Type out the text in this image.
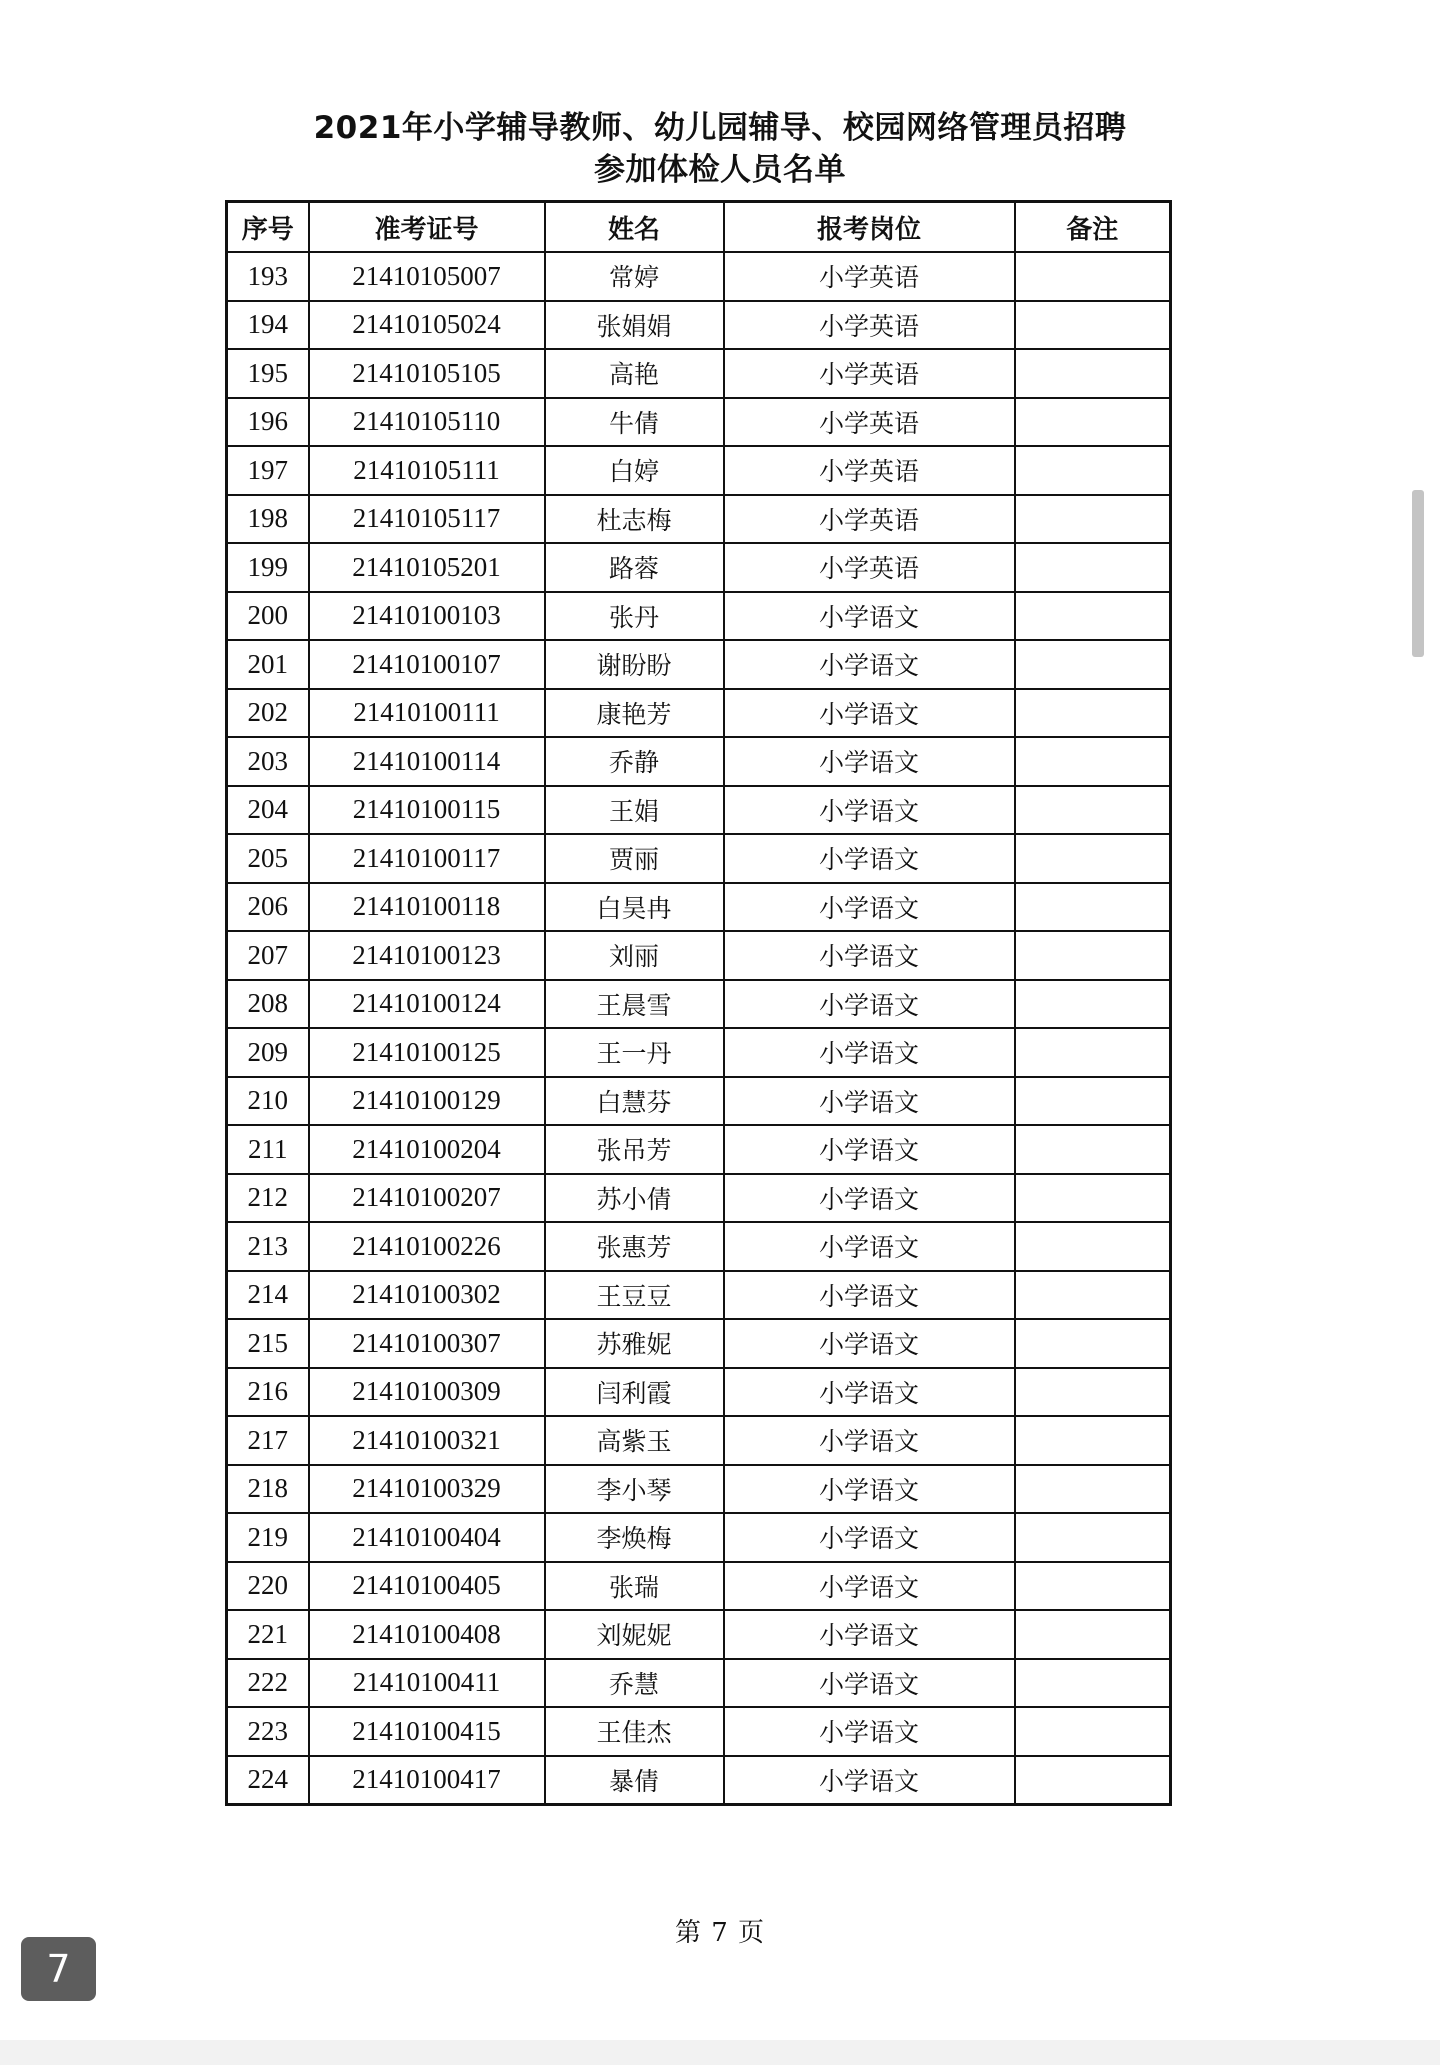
2021年小学辅导教师、幼儿园辅导、校园网络管理员招聘
参加体检人员名单
序号	准考证号	姓名	报考岗位	备注
193	21410105007	常婷	小学英语	
194	21410105024	张娟娟	小学英语	
195	21410105105	高艳	小学英语	
196	21410105110	牛倩	小学英语	
197	21410105111	白婷	小学英语	
198	21410105117	杜志梅	小学英语	
199	21410105201	路蓉	小学英语	
200	21410100103	张丹	小学语文	
201	21410100107	谢盼盼	小学语文	
202	21410100111	康艳芳	小学语文	
203	21410100114	乔静	小学语文	
204	21410100115	王娟	小学语文	
205	21410100117	贾丽	小学语文	
206	21410100118	白昊冉	小学语文	
207	21410100123	刘丽	小学语文	
208	21410100124	王晨雪	小学语文	
209	21410100125	王一丹	小学语文	
210	21410100129	白慧芬	小学语文	
211	21410100204	张吊芳	小学语文	
212	21410100207	苏小倩	小学语文	
213	21410100226	张惠芳	小学语文	
214	21410100302	王豆豆	小学语文	
215	21410100307	苏雅妮	小学语文	
216	21410100309	闫利霞	小学语文	
217	21410100321	高紫玉	小学语文	
218	21410100329	李小琴	小学语文	
219	21410100404	李焕梅	小学语文	
220	21410100405	张瑞	小学语文	
221	21410100408	刘妮妮	小学语文	
222	21410100411	乔慧	小学语文	
223	21410100415	王佳杰	小学语文	
224	21410100417	暴倩	小学语文	
第 7 页
7
